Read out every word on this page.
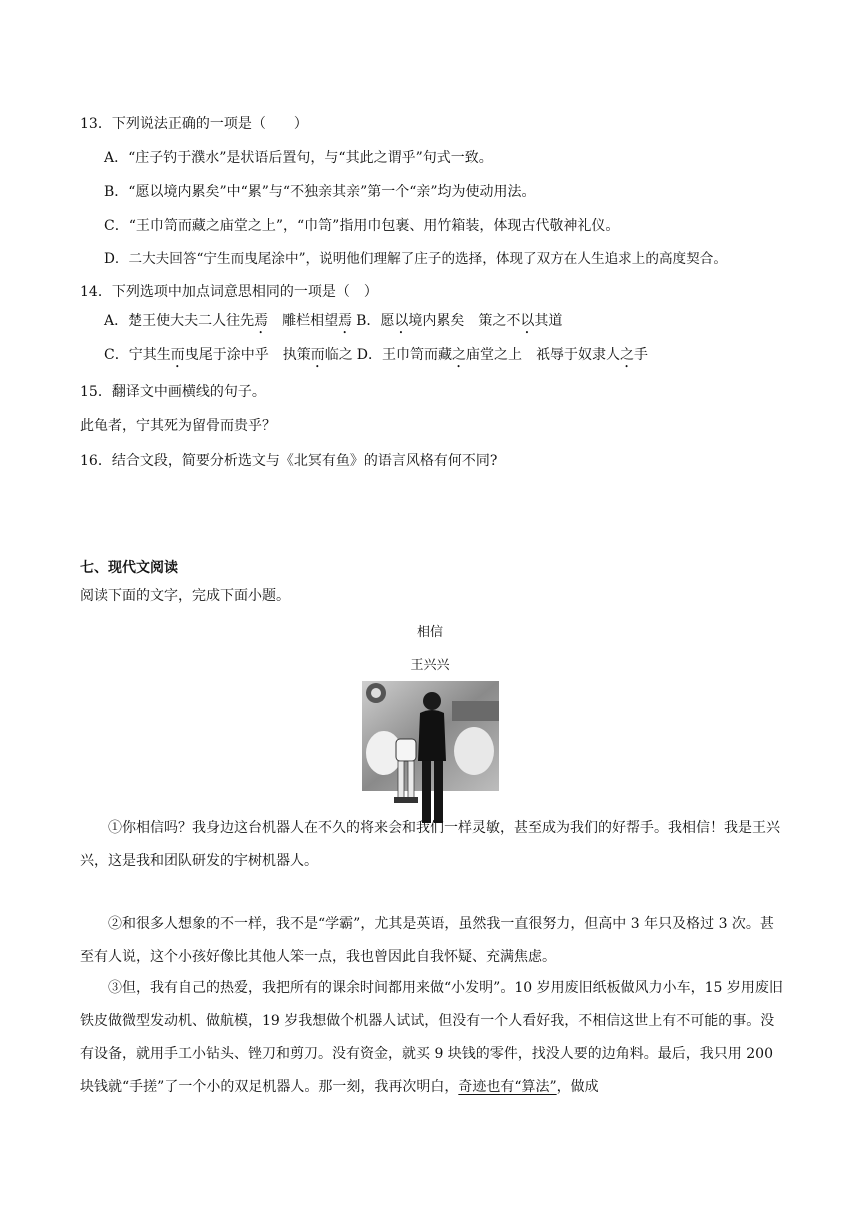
13．下列说法正确的一项是（　　）
A．“庄子钓于濮水”是状语后置句，与“其此之谓乎”句式一致。
B．“愿以境内累矣”中“累”与“不独亲其亲”第一个“亲”均为使动用法。
C．“王巾笥而藏之庙堂之上”，“巾笥”指用巾包裹、用竹箱装，体现古代敬神礼仪。
D．二大夫回答“宁生而曳尾涂中”，说明他们理解了庄子的选择，体现了双方在人生追求上的高度契合。
14．下列选项中加点词意思相同的一项是（　）
A．楚王使大夫二人往先焉 雕栏相望焉 B．愿以境内累矣 策之不以其道
C．宁其生而曳尾于涂中乎 执策而临之 D．王巾笥而藏之庙堂之上 祇辱于奴隶人之手
15．翻译文中画横线的句子。
此龟者，宁其死为留骨而贵乎？
16．结合文段，简要分析选文与《北冥有鱼》的语言风格有何不同?
七、现代文阅读
阅读下面的文字，完成下面小题。
相信
王兴兴
①你相信吗？我身边这台机器人在不久的将来会和我们一样灵敏，甚至成为我们的好帮手。我相信！我是王兴兴，这是我和团队研发的宇树机器人。
②和很多人想象的不一样，我不是“学霸”，尤其是英语，虽然我一直很努力，但高中 3 年只及格过 3 次。甚至有人说，这个小孩好像比其他人笨一点，我也曾因此自我怀疑、充满焦虑。
③但，我有自己的热爱，我把所有的课余时间都用来做“小发明”。10 岁用废旧纸板做风力小车，15 岁用废旧铁皮做微型发动机、做航模，19 岁我想做个机器人试试，但没有一个人看好我，不相信这世上有不可能的事。没有设备，就用手工小钻头、锉刀和剪刀。没有资金，就买 9 块钱的零件，找没人要的边角料。最后，我只用 200 块钱就“手搓”了一个小的双足机器人。那一刻，我再次明白，奇迹也有“算法”，做成
